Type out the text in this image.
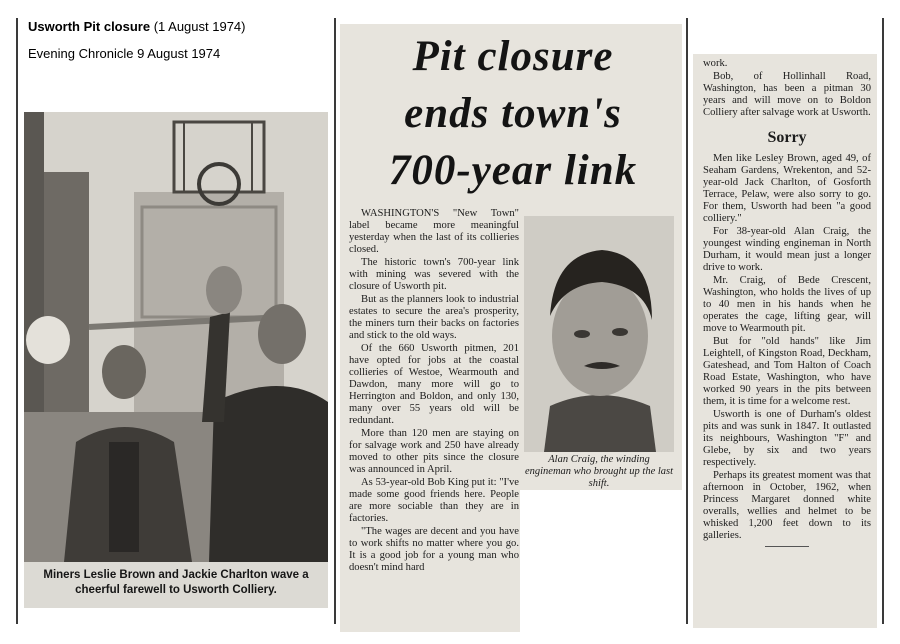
Usworth Pit closure (1 August 1974)
Evening Chronicle 9 August 1974
Miners Leslie Brown and Jackie Charlton wave a cheerful farewell to Usworth Colliery.
Pit closure
ends town's
700-year link

WASHINGTON'S "New Town" label became more meaningful yesterday when the last of its collieries closed.

The historic town's 700-year link with mining was severed with the closure of Usworth pit.

But as the planners look to industrial estates to secure the area's prosperity, the miners turn their backs on factories and stick to the old ways.

Of the 660 Usworth pitmen, 201 have opted for jobs at the coastal collieries of Westoe, Wearmouth and Dawdon, many more will go to Herrington and Boldon, and only 130, many over 55 years old will be redundant.

More than 120 men are staying on for salvage work and 250 have already moved to other pits since the closure was announced in April.

As 53-year-old Bob King put it: "I've made some good friends here. People are more sociable than they are in factories.

"The wages are decent and you have to work shifts no matter where you go. It is a good job for a young man who doesn't mind hard

Alan Craig, the winding engineman who brought up the last shift.

work.

Bob, of Hollinhall Road, Washington, has been a pitman 30 years and will move on to Boldon Colliery after salvage work at Usworth.

Sorry

Men like Lesley Brown, aged 49, of Seaham Gardens, Wrekenton, and 52-year-old Jack Charlton, of Gosforth Terrace, Pelaw, were also sorry to go. For them, Usworth had been "a good colliery."

For 38-year-old Alan Craig, the youngest winding engineman in North Durham, it would mean just a longer drive to work.

Mr. Craig, of Bede Crescent, Washington, who holds the lives of up to 40 men in his hands when he operates the cage, lifting gear, will move to Wearmouth pit.

But for "old hands" like Jim Leightell, of Kingston Road, Deckham, Gateshead, and Tom Halton of Coach Road Estate, Washington, who have worked 90 years in the pits between them, it is time for a welcome rest.

Usworth is one of Durham's oldest pits and was sunk in 1847. It outlasted its neighbours, Washington "F" and Glebe, by six and two years respectively.

Perhaps its greatest moment was that afternoon in October, 1962, when Princess Margaret donned white overalls, wellies and helmet to be whisked 1,200 feet down to its galleries.
